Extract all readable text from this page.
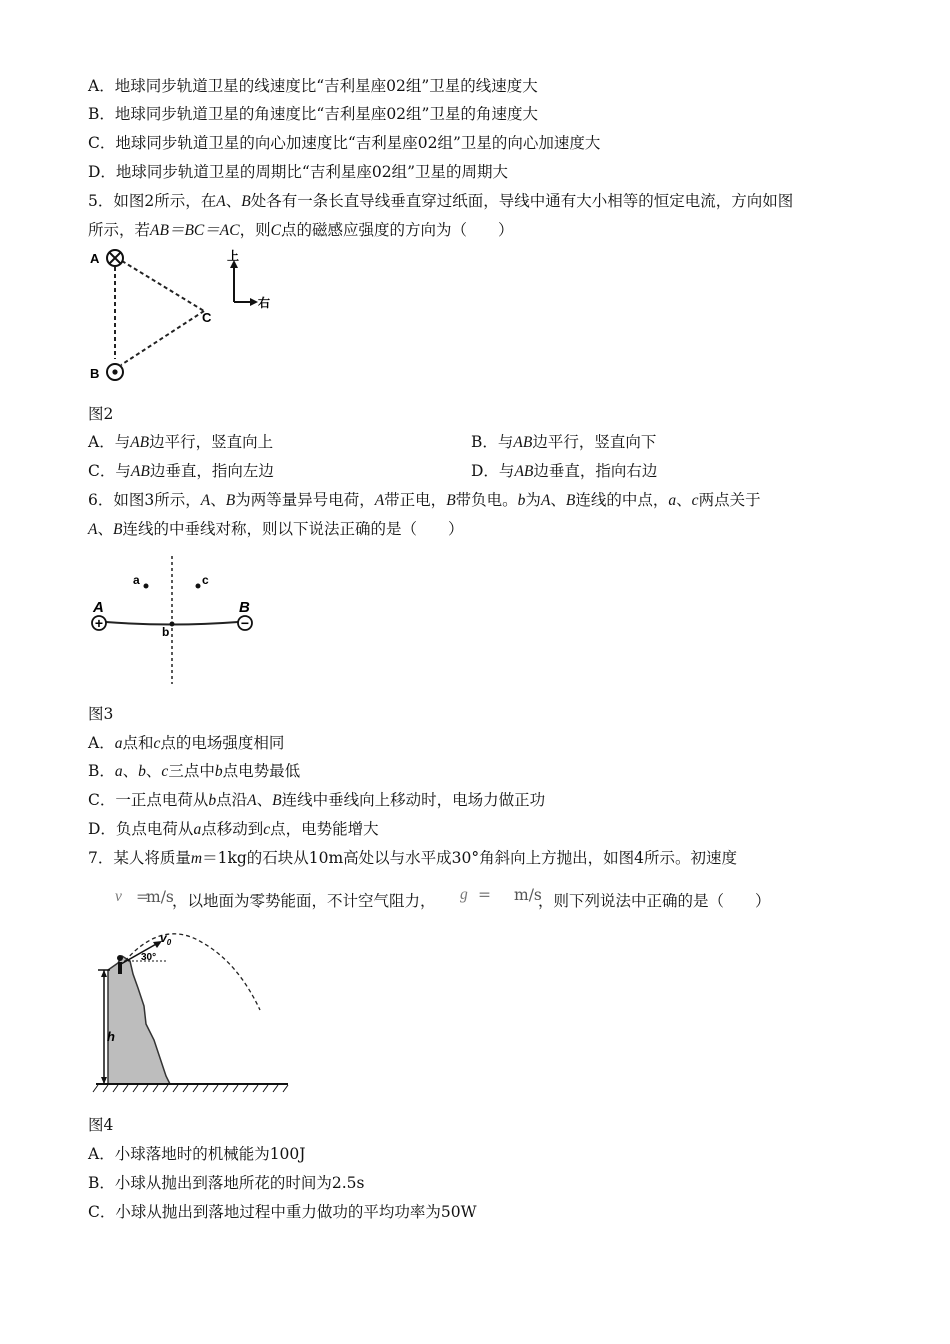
A．地球同步轨道卫星的线速度比“吉利星座02组”卫星的线速度大
B．地球同步轨道卫星的角速度比“吉利星座02组”卫星的角速度大
C．地球同步轨道卫星的向心加速度比“吉利星座02组”卫星的向心加速度大
D．地球同步轨道卫星的周期比“吉利星座02组”卫星的周期大
5．如图2所示，在A、B处各有一条长直导线垂直穿过纸面，导线中通有大小相等的恒定电流，方向如图
所示，若AB＝BC＝AC，则C点的磁感应强度的方向为（　　）
A
B
C
上
右
图2
A．与AB边平行，竖直向上	B．与AB边平行，竖直向下
C．与AB边垂直，指向左边	D．与AB边垂直，指向右边
6．如图3所示，A、B为两等量异号电荷，A带正电，B带负电。b为A、B连线的中点，a、c两点关于
A、B连线的中垂线对称，则以下说法正确的是（　　）
+	−
A	B
b
a	c
图3
A．a点和c点的电场强度相同
B．a、b、c三点中b点电势最低
C．一正点电荷从b点沿A、B连线中垂线向上移动时，电场力做正功
D．负点电荷从a点移动到c点，电势能增大
7．某人将质量m＝1kg的石块从10m高处以与水平成30°角斜向上方抛出，如图4所示。初速度
v =
m/s
，以地面为零势能面，不计空气阻力， g = m/s
，则下列说法中正确的是（　　）
h
30°
$v_0$
图4
A．小球落地时的机械能为100J
B．小球从抛出到落地所花的时间为2.5s
C．小球从抛出到落地过程中重力做功的平均功率为50W
